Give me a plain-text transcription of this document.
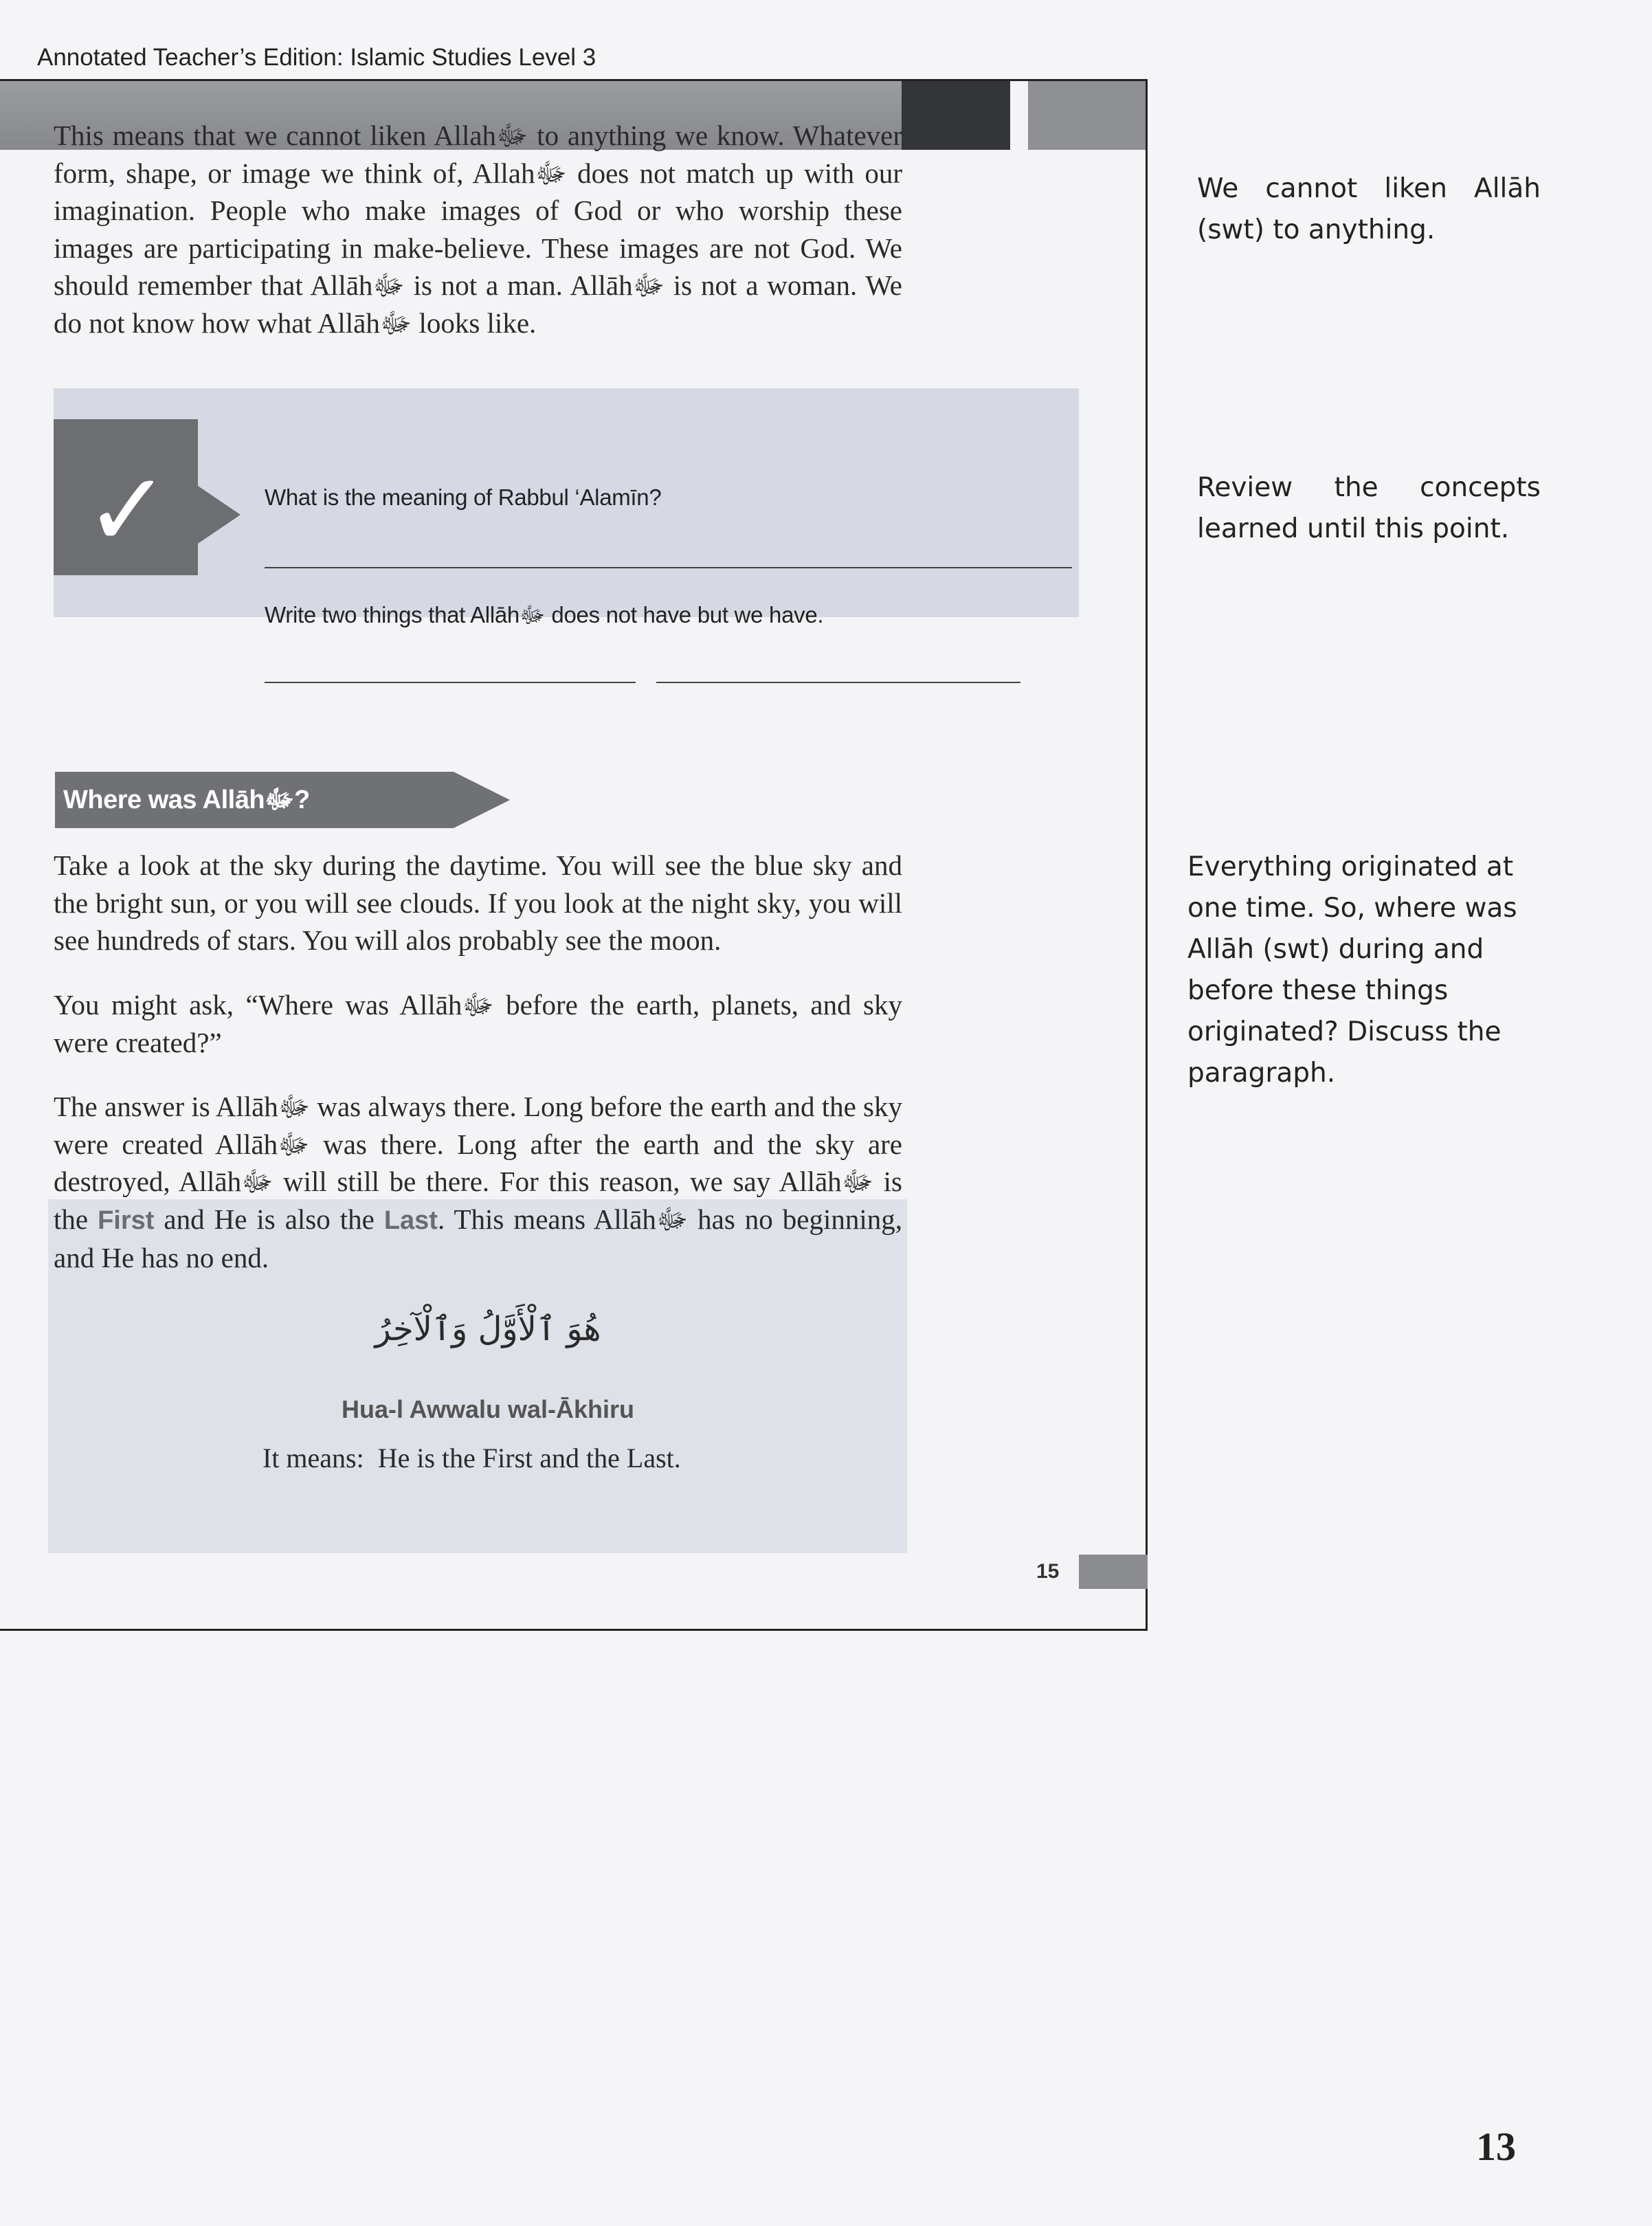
Annotated Teacher’s Edition: Islamic Studies Level 3

This means that we cannot liken Allah‎ﷻ to anything we know. Whatever form, shape, or image we think of, Allahﷻ does not match up with our imagination. People who make images of God or who worship these images are participating in make-believe. These images are not God. We should remember that Allāhﷻ is not a man. Allāhﷻ is not a woman. We do not know how what Allāhﷻ looks like.

✓	What is the meaning of Rabbul ‘Alamīn?
Write two things that Allāhﷻ does not have but we have.
Where was Allāhﷻ?

Take a look at the sky during the daytime. You will see the blue sky and the bright sun, or you will see clouds. If you look at the night sky, you will see hundreds of stars. You will alos probably see the moon.

You might ask, “Where was Allāhﷻ before the earth, planets, and sky were created?”

The answer is Allāhﷻ was always there. Long before the earth and the sky were created Allāhﷻ was there. Long after the earth and the sky are destroyed, Allāhﷻ will still be there. For this reason, we say Allāhﷻ is the First and He is also the Last. This means Allāhﷻ has no beginning, and He has no end.

هُوَ ٱلْأَوَّلُ وَٱلْآخِرُ
Hua-l Awwalu wal-Ākhiru
It means: He is the First and the Last.
15

We cannot liken Allāh (swt) to anything.

Review the concepts learned until this point.

Everything originated at one time. So, where was Allāh (swt) during and before these things originated? Discuss the paragraph.

13
